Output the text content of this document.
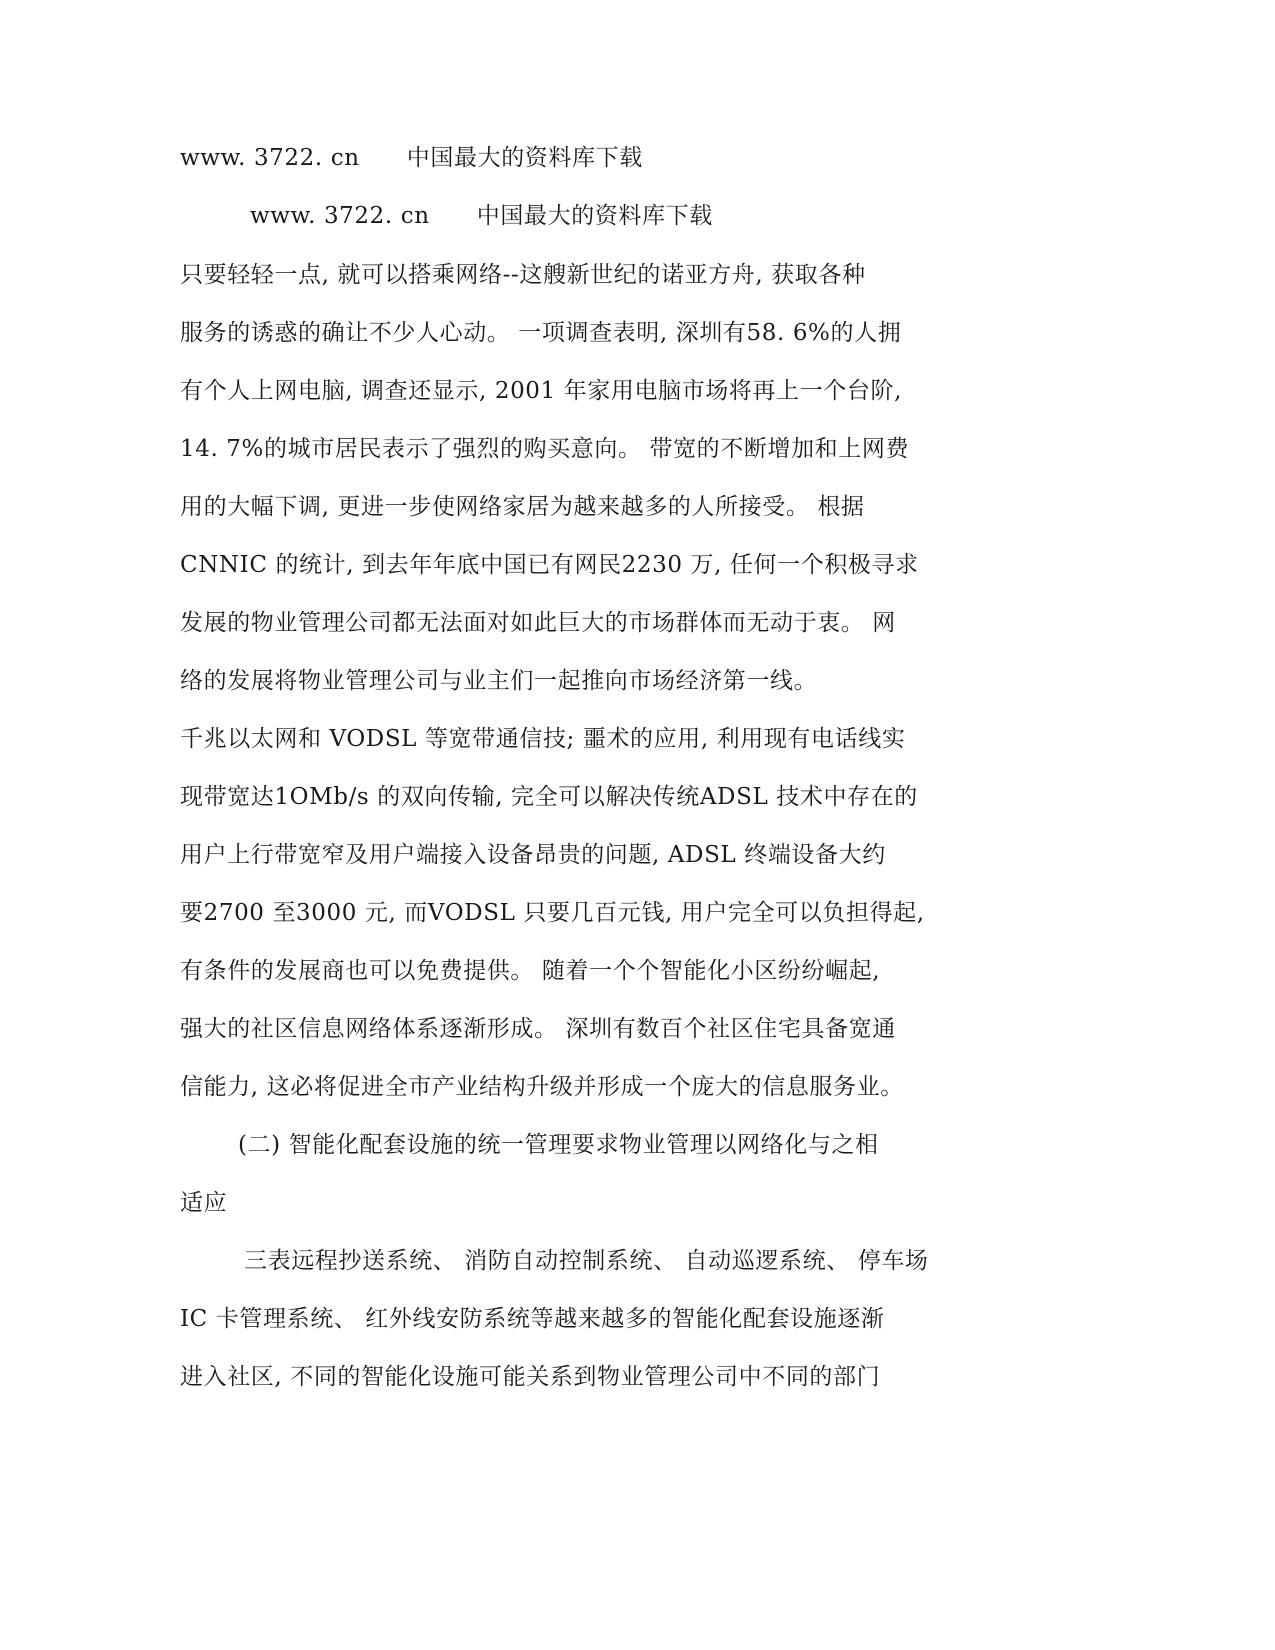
www. 3722. cn　　中国最大的资料库下载
www. 3722. cn　　中国最大的资料库下载
只要轻轻一点, 就可以搭乘网络--这艘新世纪的诺亚方舟, 获取各种
服务的诱惑的确让不少人心动。 一项调查表明, 深圳有58. 6%的人拥
有个人上网电脑, 调查还显示, 2001 年家用电脑市场将再上一个台阶,
14. 7%的城市居民表示了强烈的购买意向。 带宽的不断增加和上网费
用的大幅下调, 更进一步使网络家居为越来越多的人所接受。 根据
CNNIC 的统计, 到去年年底中国已有网民2230 万, 任何一个积极寻求
发展的物业管理公司都无法面对如此巨大的市场群体而无动于衷。 网
络的发展将物业管理公司与业主们一起推向市场经济第一线。
千兆以太网和 VODSL 等宽带通信技; 噩术的应用, 利用现有电话线实
现带宽达1OMb/s 的双向传输, 完全可以解决传统ADSL 技术中存在的
用户上行带宽窄及用户端接入设备昂贵的问题, ADSL 终端设备大约
要2700 至3000 元, 而VODSL 只要几百元钱, 用户完全可以负担得起,
有条件的发展商也可以免费提供。 随着一个个智能化小区纷纷崛起,
强大的社区信息网络体系逐渐形成。 深圳有数百个社区住宅具备宽通
信能力, 这必将促进全市产业结构升级并形成一个庞大的信息服务业。
(二) 智能化配套设施的统一管理要求物业管理以网络化与之相
适应
三表远程抄送系统、 消防自动控制系统、 自动巡逻系统、 停车场
IC 卡管理系统、 红外线安防系统等越来越多的智能化配套设施逐渐
进入社区, 不同的智能化设施可能关系到物业管理公司中不同的部门
